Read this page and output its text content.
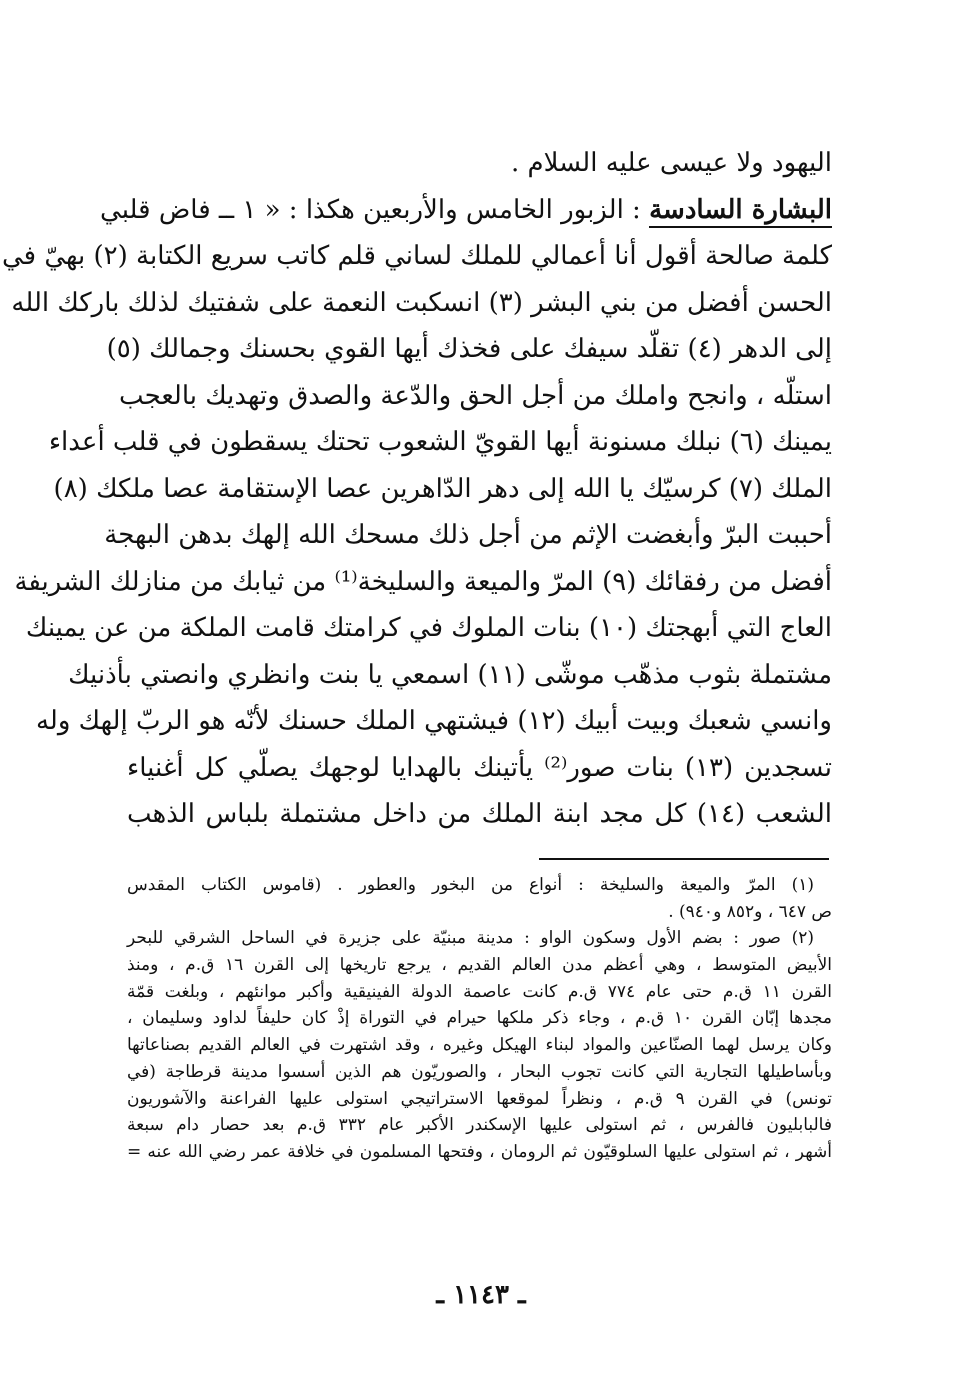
اليهود ولا عيسى عليه السلام .
البشارة السادسة : الزبور الخامس والأربعين هكذا : « ١ ــ فاض قلبي
كلمة صالحة أقول أنا أعمالي للملك لساني قلم كاتب سريع الكتابة (٢) بهيّ في
الحسن أفضل من بني البشر (٣) انسكبت النعمة على شفتيك لذلك باركك الله
إلى الدهر (٤) تقلّد سيفك على فخذك أيها القوي بحسنك وجمالك (٥)
استلّه ، وانجح واملك من أجل الحق والدّعة والصدق وتهديك بالعجب
يمينك (٦) نبلك مسنونة أيها القويّ الشعوب تحتك يسقطون في قلب أعداء
الملك (٧) كرسيّك يا الله إلى دهر الدّاهرين عصا الإستقامة عصا ملكك (٨)
أحببت البرّ وأبغضت الإثم من أجل ذلك مسحك الله إلهك بدهن البهجة
أفضل من رفقائك (٩) المرّ والميعة والسليخة⁽¹⁾ من ثيابك من منازلك الشريفة
العاج التي أبهجتك (١٠) بنات الملوك في كرامتك قامت الملكة من عن يمينك
مشتملة بثوب مذهّب موشّى (١١) اسمعي يا بنت وانظري وانصتي بأذنيك
وانسي شعبك وبيت أبيك (١٢) فيشتهي الملك حسنك لأنّه هو الربّ إلهك وله
تسجدين (١٣) بنات صور⁽²⁾ يأتينك بالهدايا لوجهك يصلّي كل أغنياء
الشعب (١٤) كل مجد ابنة الملك من داخل مشتملة بلباس الذهب
(١) المرّ والميعة والسليخة : أنواع من البخور والعطور . (قاموس الكتاب المقدس
ص ٦٤٧ ، و٨٥٢ و٩٤٠) .
(٢) صور : بضم الأول وسكون الواو : مدينة مبنيّة على جزيرة في الساحل الشرقي للبحر
الأبيض المتوسط ، وهي أعظم مدن العالم القديم ، يرجع تاريخها إلى القرن ١٦ ق.م ، ومنذ
القرن ١١ ق.م حتى عام ٧٧٤ ق.م كانت عاصمة الدولة الفينيقية وأكبر موانئهم ، وبلغت قمّة
مجدها إبّان القرن ١٠ ق.م ، وجاء ذكر ملكها حيرام في التوراة إذْ كان حليفاً لداود وسليمان ،
وكان يرسل لهما الصنّاعين والمواد لبناء الهيكل وغيره ، وقد اشتهرت في العالم القديم بصناعاتها
وبأساطيلها التجارية التي كانت تجوب البحار ، والصوريّون هم الذين أسسوا مدينة قرطاجة (في
تونس) في القرن ٩ ق.م ، ونظراً لموقعها الاستراتيجي استولى عليها الفراعنة والآشوريون
فالبابليون فالفرس ، ثم استولى عليها الإسكندر الأكبر عام ٣٣٢ ق.م بعد حصار دام سبعة
أشهر ، ثم استولى عليها السلوقيّون ثم الرومان ، وفتحها المسلمون في خلافة عمر رضي الله عنه =
ـ ١١٤٣ ـ
